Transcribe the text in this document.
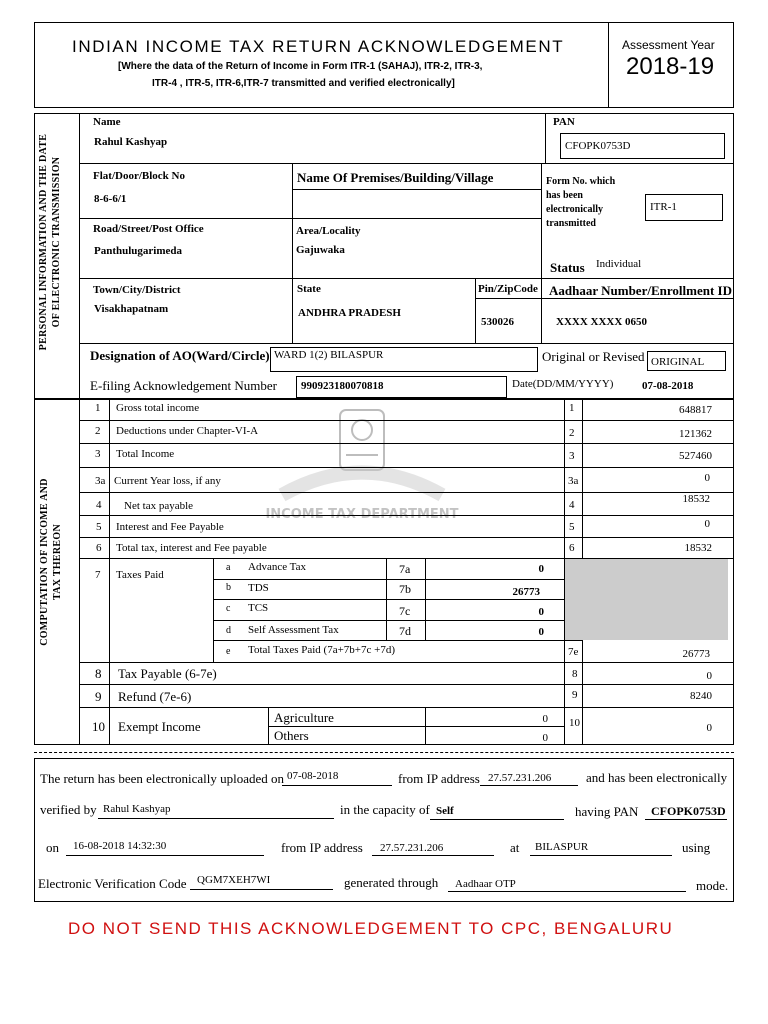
INDIAN INCOME TAX RETURN ACKNOWLEDGEMENT
[Where the data of the Return of Income in Form ITR-1 (SAHAJ), ITR-2, ITR-3,
ITR-4 , ITR-5, ITR-6,ITR-7 transmitted and verified electronically]
Assessment Year
2018-19
PERSONAL INFORMATION AND THE DATE OF ELECTRONIC TRANSMISSION
Name
Rahul Kashyap
PAN
CFOPK0753D
Flat/Door/Block No
8-6-6/1
Name Of Premises/Building/Village	Form No. which
has been
electronically
transmitted
ITR-1
Road/Street/Post Office
Panthulugarimeda
Area/Locality
Gajuwaka
Status Individual
Town/City/District
Visakhapatnam
State
ANDHRA PRADESH
Pin/ZipCode
530026
Aadhaar Number/Enrollment ID
XXXX XXXX 0650
Designation of AO(Ward/Circle) WARD 1(2) BILASPUR	Original or Revised ORIGINAL
E-filing Acknowledgement Number 990923180070818	Date(DD/MM/YYYY)	07-08-2018
COMPUTATION OF INCOME AND TAX THEREON
INCOME TAX DEPARTMENT
1 Gross total income	1	648817
2 Deductions under Chapter-VI-A	2	121362
3 Total Income	3	527460
3a Current Year loss, if any	3a	0
4 Net tax payable	4	18532
5 Interest and Fee Payable	5	0
6 Total tax, interest and Fee payable	6	18532
7 Taxes Paid
a Advance Tax	7a	0
b TDS	7b	26773
c TCS	7c	0
d Self Assessment Tax	7d	0
e Total Taxes Paid (7a+7b+7c +7d)	7e	26773
8 Tax Payable (6-7e)	8	0
9 Refund (7e-6)	9	8240
10 Exempt Income
Agriculture	0
Others	0
10	0
The return has been electronically uploaded on 07-08-2018	from IP address 27.57.231.206	and has been electronically
verified by Rahul Kashyap	in the capacity of Self	having PAN CFOPK0753D
on 16-08-2018 14:32:30	from IP address 27.57.231.206	at BILASPUR	using
Electronic Verification Code QGM7XEH7WI	generated through Aadhaar OTP	mode.
DO NOT SEND THIS ACKNOWLEDGEMENT TO CPC, BENGALURU
